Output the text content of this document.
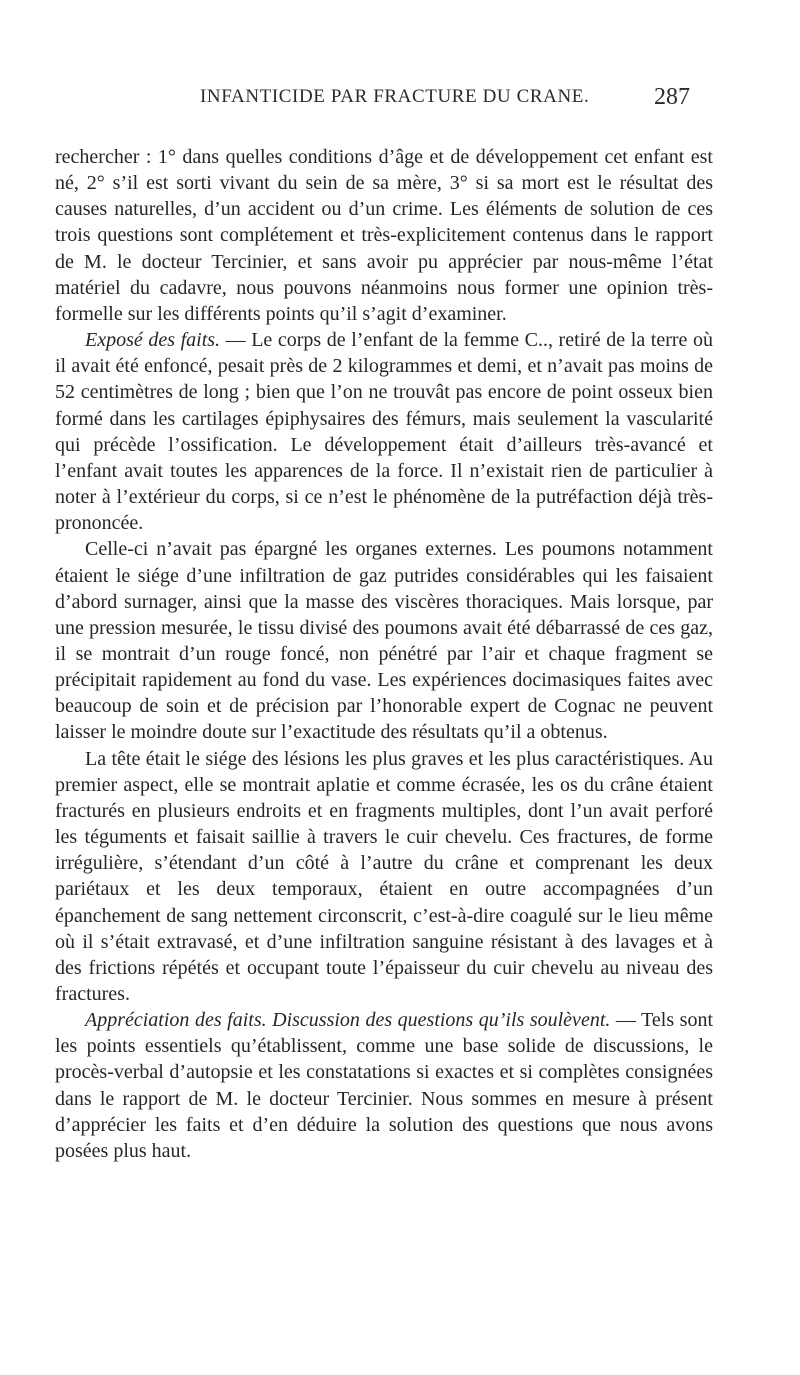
INFANTICIDE PAR FRACTURE DU CRANE.	287

rechercher : 1° dans quelles conditions d’âge et de développement cet enfant est né, 2° s’il est sorti vivant du sein de sa mère, 3° si sa mort est le résultat des causes naturelles, d’un accident ou d’un crime. Les éléments de solution de ces trois questions sont complétement et très-explicitement contenus dans le rapport de M. le docteur Tercinier, et sans avoir pu apprécier par nous-même l’état matériel du cadavre, nous pouvons néanmoins nous former une opinion très-formelle sur les différents points qu’il s’agit d’examiner.

Exposé des faits. — Le corps de l’enfant de la femme C.., retiré de la terre où il avait été enfoncé, pesait près de 2 kilogrammes et demi, et n’avait pas moins de 52 centimètres de long ; bien que l’on ne trouvât pas encore de point osseux bien formé dans les cartilages épiphysaires des fémurs, mais seulement la vascularité qui précède l’ossification. Le développement était d’ailleurs très-avancé et l’enfant avait toutes les apparences de la force. Il n’existait rien de particulier à noter à l’extérieur du corps, si ce n’est le phénomène de la putréfaction déjà très-prononcée.

Celle-ci n’avait pas épargné les organes externes. Les poumons notamment étaient le siége d’une infiltration de gaz putrides considérables qui les faisaient d’abord surnager, ainsi que la masse des viscères thoraciques. Mais lorsque, par une pression mesurée, le tissu divisé des poumons avait été débarrassé de ces gaz, il se montrait d’un rouge foncé, non pénétré par l’air et chaque fragment se précipitait rapidement au fond du vase. Les expériences docimasiques faites avec beaucoup de soin et de précision par l’honorable expert de Cognac ne peuvent laisser le moindre doute sur l’exactitude des résultats qu’il a obtenus.

La tête était le siége des lésions les plus graves et les plus caractéristiques. Au premier aspect, elle se montrait aplatie et comme écrasée, les os du crâne étaient fracturés en plusieurs endroits et en fragments multiples, dont l’un avait perforé les téguments et faisait saillie à travers le cuir chevelu. Ces fractures, de forme irrégulière, s’étendant d’un côté à l’autre du crâne et comprenant les deux pariétaux et les deux temporaux, étaient en outre accompagnées d’un épanchement de sang nettement circonscrit, c’est-à-dire coagulé sur le lieu même où il s’était extravasé, et d’une infiltration sanguine résistant à des lavages et à des frictions répétés et occupant toute l’épaisseur du cuir chevelu au niveau des fractures.

Appréciation des faits. Discussion des questions qu’ils soulèvent. — Tels sont les points essentiels qu’établissent, comme une base solide de discussions, le procès-verbal d’autopsie et les constatations si exactes et si complètes consignées dans le rapport de M. le docteur Tercinier. Nous sommes en mesure à présent d’apprécier les faits et d’en déduire la solution des questions que nous avons posées plus haut.
